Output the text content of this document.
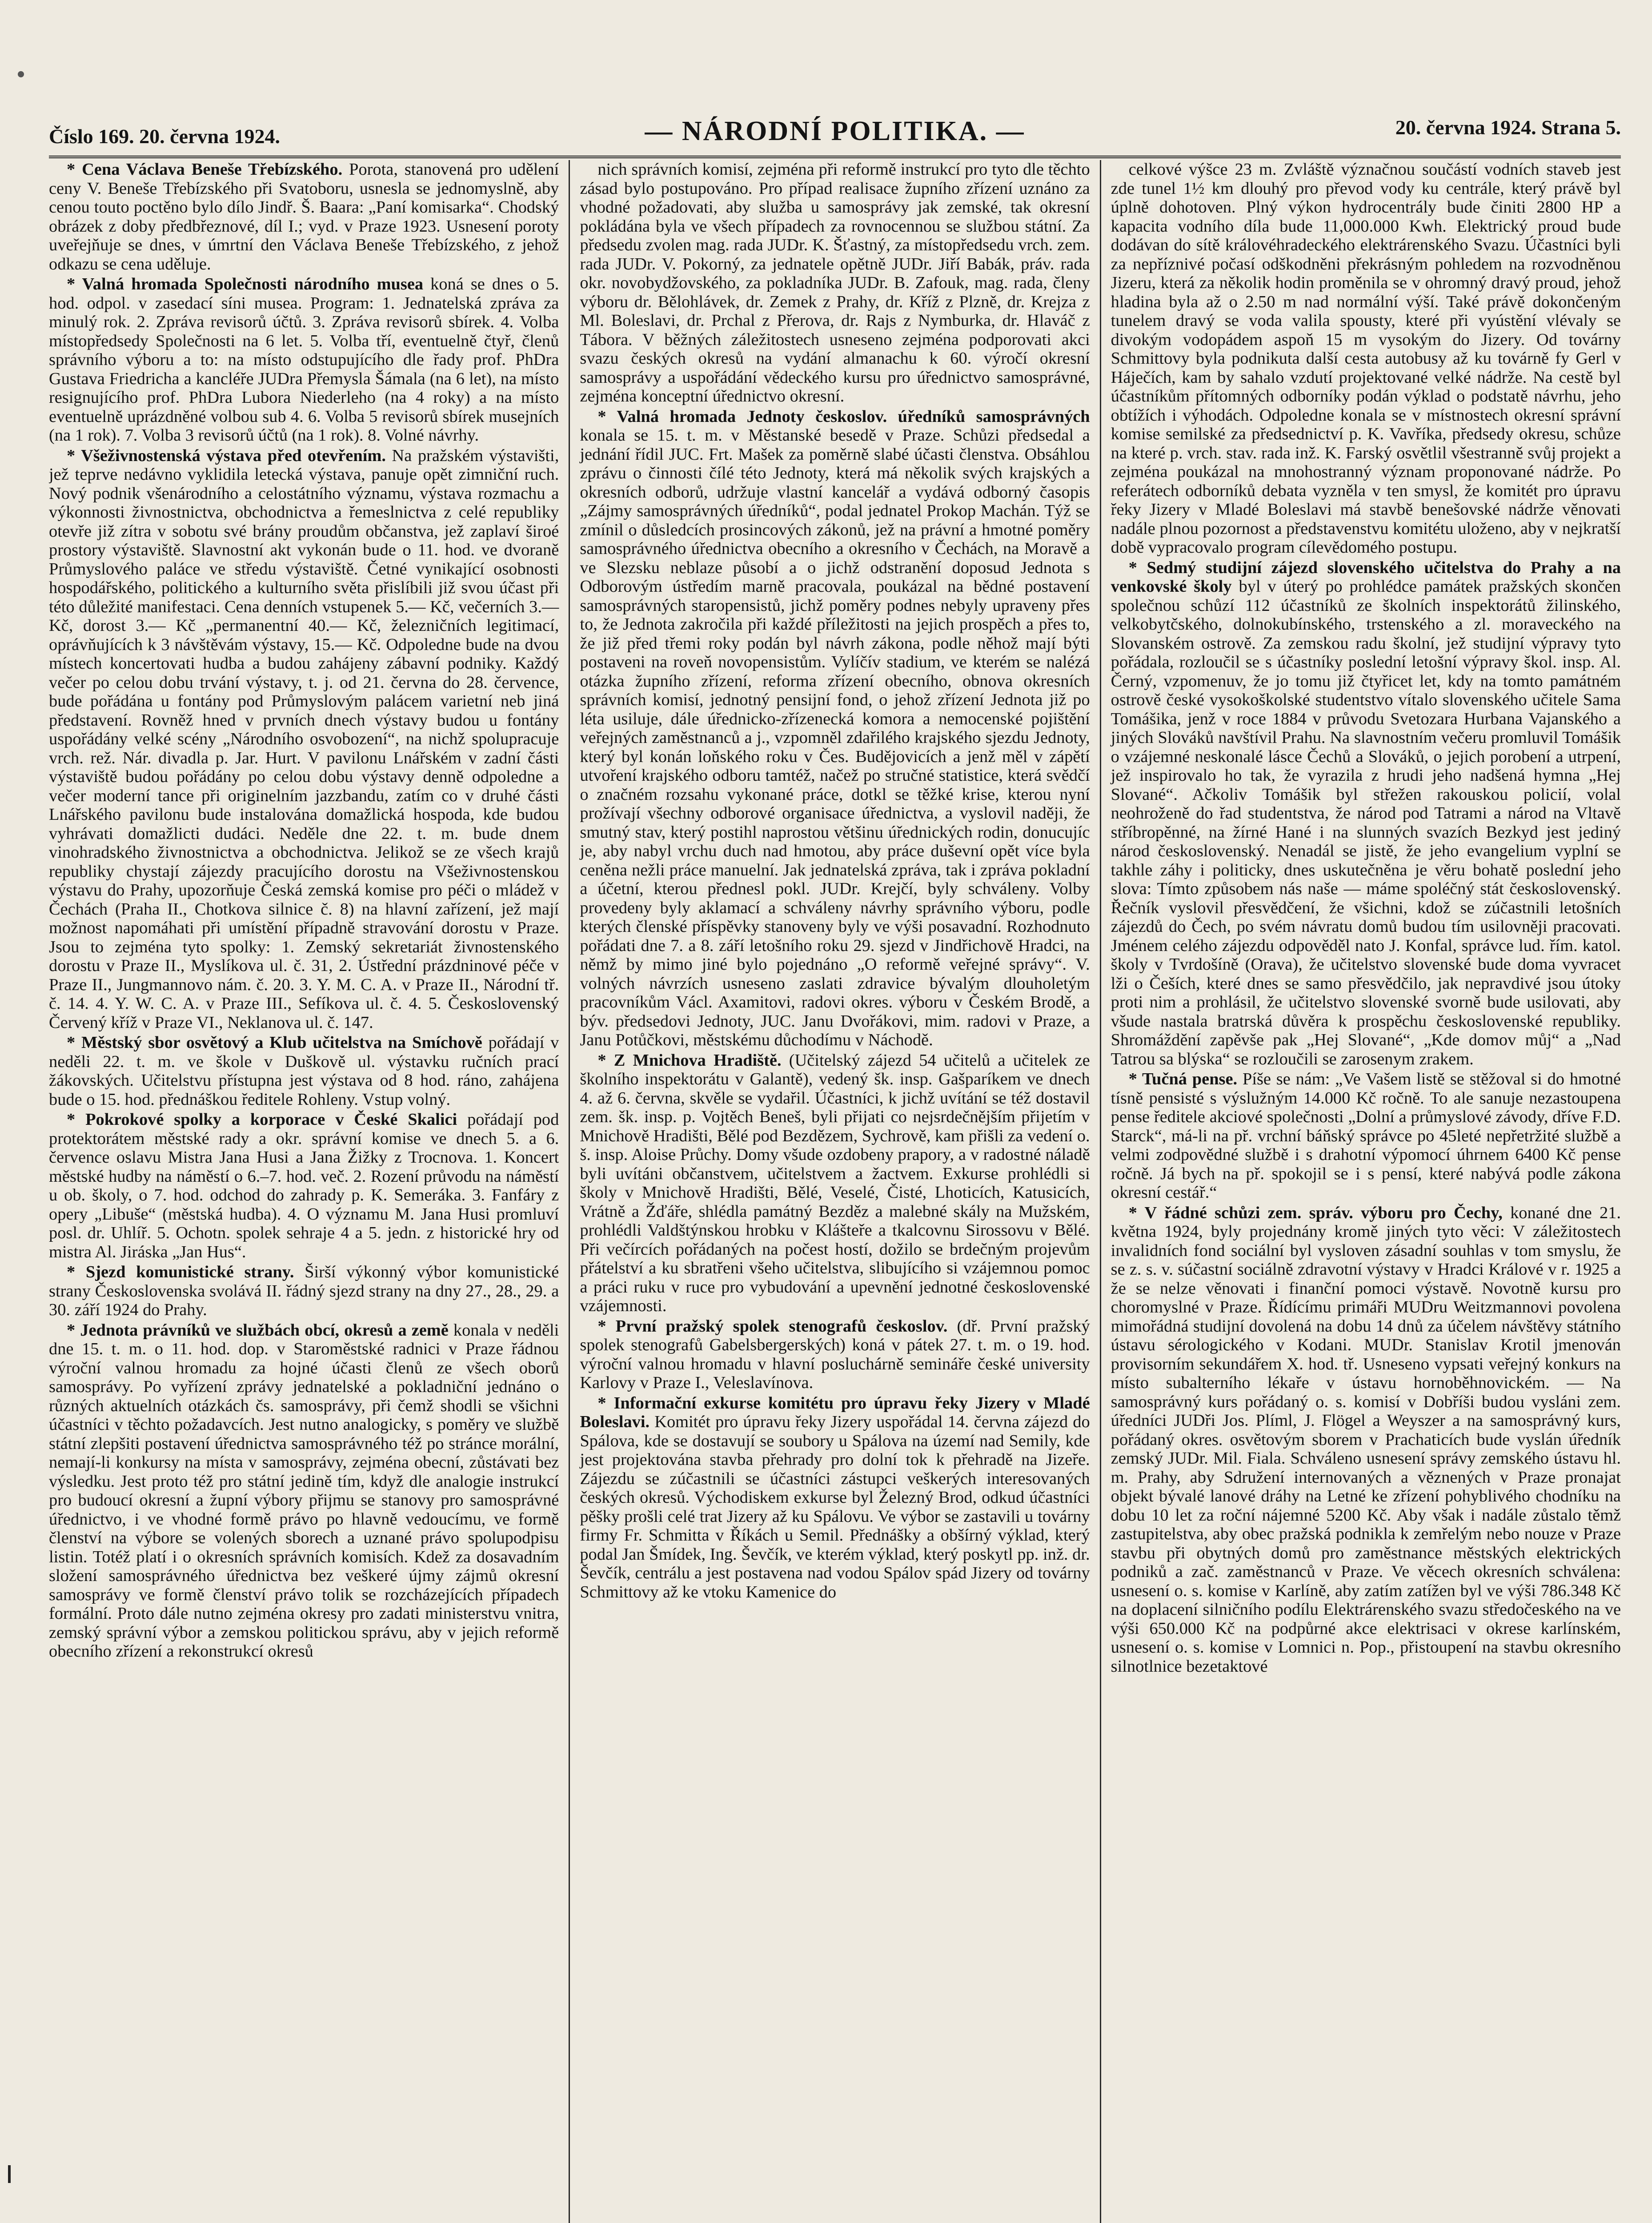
Číslo 169. 20. června 1924.	— NÁRODNÍ POLITIKA. —	20. června 1924. Strana 5.

* Cena Václava Beneše Třebízského. Porota, stanovená pro udělení ceny V. Beneše Třebízského při Svatoboru, usnesla se jednomyslně, aby cenou touto poctěno bylo dílo Jindř. Š. Baara: „Paní komisarka“. Chodský obrázek z doby předbřeznové, díl I.; vyd. v Praze 1923. Usnesení poroty uveřejňuje se dnes, v úmrtní den Václava Beneše Třebízského, z jehož odkazu se cena uděluje.

* Valná hromada Společnosti národního musea koná se dnes o 5. hod. odpol. v zasedací síni musea. Program: 1. Jednatelská zpráva za minulý rok. 2. Zpráva revisorů účtů. 3. Zpráva revisorů sbírek. 4. Volba místopředsedy Společnosti na 6 let. 5. Volba tří, eventuelně čtyř, členů správního výboru a to: na místo odstupujícího dle řady prof. PhDra Gustava Friedricha a kancléře JUDra Přemysla Šámala (na 6 let), na místo resignujícího prof. PhDra Lubora Niederleho (na 4 roky) a na místo eventuelně uprázdněné volbou sub 4. 6. Volba 5 revisorů sbírek musejních (na 1 rok). 7. Volba 3 revisorů účtů (na 1 rok). 8. Volné návrhy.

* Všeživnostenská výstava před otevřením. Na pražském výstavišti, jež teprve nedávno vyklidila letecká výstava, panuje opět zimniční ruch. Nový podnik všenárodního a celostátního významu, výstava rozmachu a výkonnosti živnostnictva, obchodnictva a řemeslnictva z celé republiky otevře již zítra v sobotu své brány proudům občanstva, jež zaplaví široé prostory výstaviště. Slavnostní akt vykonán bude o 11. hod. ve dvoraně Průmyslového paláce ve středu výstaviště. Četné vynikající osobnosti hospodářského, politického a kulturního světa přislíbili již svou účast při této důležité manifestaci. Cena denních vstupenek 5.— Kč, večerních 3.— Kč, dorost 3.— Kč „permanentní 40.— Kč, železničních legitimací, oprávňujících k 3 návštěvám výstavy, 15.— Kč. Odpoledne bude na dvou místech koncertovati hudba a budou zahájeny zábavní podniky. Každý večer po celou dobu trvání výstavy, t. j. od 21. června do 28. července, bude pořádána u fontány pod Průmyslovým palácem varietní neb jiná představení. Rovněž hned v prvních dnech výstavy budou u fontány uspořádány velké scény „Národního osvobození“, na nichž spoluprаcuje vrch. rež. Nár. divadla p. Jar. Hurt. V pavilonu Lnářském v zadní části výstaviště budou pořádány po celou dobu výstavy denně odpoledne a večer moderní tance při originelním jazzbandu, zatím co v druhé části Lnářského pavilonu bude instalována domažlická hospoda, kde budou vyhrávati domažlicti dudáci. Neděle dne 22. t. m. bude dnem vinohradského živnostnictva a obchodnictva. Jelikož se ze všech krajů republiky chystají zájezdy pracujícího dorostu na Všeživnostenskou výstavu do Prahy, upozorňuje Česká zemská komise pro péči o mládež v Čechách (Praha II., Chotkova silnice č. 8) na hlavní zařízení, jež mají možnost napomáhati při umístění případně stravování dorostu v Praze. Jsou to zejména tyto spolky: 1. Zemský sekretariát živnostenského dorostu v Praze II., Myslíkova ul. č. 31, 2. Ústřední prázdninové péče v Praze II., Jungmannovo nám. č. 20. 3. Y. M. C. A. v Praze II., Národní tř. č. 14. 4. Y. W. C. A. v Praze III., Sefíkova ul. č. 4. 5. Československý Červený kříž v Praze VI., Neklanova ul. č. 147.

* Městský sbor osvětový a Klub učitelstva na Smíchově pořádají v neděli 22. t. m. ve škole v Duškově ul. výstavku ručních prací žákovských. Učitelstvu přístupna jest výstava od 8 hod. ráno, zahájena bude o 15. hod. přednáškou ředitele Rohleny. Vstup volný.

* Pokrokové spolky a korporace v České Skalici pořádají pod protektorátem městské rady a okr. správní komise ve dnech 5. a 6. července oslavu Mistra Jana Husi a Jana Žižky z Trocnova. 1. Koncert městské hudby na náměstí o 6.–7. hod. več. 2. Rození průvodu na náměstí u ob. školy, o 7. hod. odchod do zahrady p. K. Semeráka. 3. Fanfáry z opery „Libuše“ (městská hudba). 4. O významu M. Jana Husi promluví posl. dr. Uhlíř. 5. Ochotn. spolek sehraje 4 a 5. jedn. z historické hry od mistra Al. Jiráska „Jan Hus“.

* Sjezd komunistické strany. Širší výkonný výbor komunistické strany Československa svolává II. řádný sjezd strany na dny 27., 28., 29. a 30. září 1924 do Prahy.

* Jednota právníků ve službách obcí, okresů a země konala v neděli dne 15. t. m. o 11. hod. dop. v Staroměstské radnici v Praze řádnou výroční valnou hromadu za hojné účasti členů ze všech oborů samosprávy. Po vyřízení zprávy jednatelské a pokladniční jednáno o různých aktuelních otázkách čs. samosprávy, při čemž shodli se všichni účastníci v těchto požadavcích. Jest nutno analogicky, s poměry ve službě státní zlepšiti postavení úřednictva samosprávného též po stránce morální, nemají-li konkursy na místa v samosprávy, zejména obecní, zůstávati bez výsledku. Jest proto též pro státní jedině tím, když dle analogie instrukcí pro budoucí okresní a župní výbory přijmu se stanovy pro samosprávné úřednictvo, i ve vhodné formě právo po hlavně vedoucímu, ve formě členství na výbore se volených sborech a uznané právo spolupodpisu listin. Totéž platí i o okresních správních komisích. Kdež za dosavadním složení samosprávného úřednictva bez veškeré újmy zájmů okresní samosprávy ve formě členství právo tolik se rozcházejících případech formální. Proto dále nutno zejména okresy pro zadati ministerstvu vnitra, zemský správní výbor a zemskou politickou správu, aby v jejich reformě obecního zřízení a rekonstrukcí okresů

nich správních komisí, zejména při reformě instrukcí pro tyto dle těchto zásad bylo postupováno. Pro případ realisace župního zřízení uznáno za vhodné požadovati, aby služba u samosprávy jak zemské, tak okresní pokládána byla ve všech případech za rovnocennou se službou státní. Za předsedu zvolen mag. rada JUDr. K. Šťastný, za místopředsedu vrch. zem. rada JUDr. V. Pokorný, za jednatele opětně JUDr. Jiří Babák, práv. rada okr. novobydžovského, za pokladníka JUDr. B. Zafouk, mag. rada, členy výboru dr. Bělohlávek, dr. Zemek z Prahy, dr. Kříž z Plzně, dr. Krejza z Ml. Boleslavi, dr. Prchal z Přerova, dr. Rajs z Nymburka, dr. Hlaváč z Tábora. V běžných záležitostech usneseno zejména podporovati akci svazu českých okresů na vydání almanachu k 60. výročí okresní samosprávy a uspořádání vědeckého kursu pro úřednictvo samosprávné, zejména konceptní úřednictvo okresní.

* Valná hromada Jednoty českoslov. úředníků samosprávných konala se 15. t. m. v Městanské besedě v Praze. Schůzi předsedal a jednání řídil JUC. Frt. Mašek za poměrně slabé účasti členstva. Obsáhlou zprávu o činnosti čílé této Jednoty, která má několik svých krajských a okresních odborů, udržuje vlastní kancelář a vydává odborný časopis „Zájmy samosprávných úředníků“, podal jednatel Prokop Machán. Týž se zmínil o důsledcích prosincových zákonů, jež na právní a hmotné poměry samosprávného úřednictva obecního a okresního v Čechách, na Moravě a ve Slezsku neblaze působí a o jichž odstranění doposud Jednota s Odborovým ústředím marně pracovala, poukázal na bědné postavení samosprávných staropensistů, jichž poměry podnes nebyly upraveny přes to, že Jednota zakročila při každé příležitosti na jejich prospěch a přes to, že již před třemi roky podán byl návrh zákona, podle něhož mají býti postaveni na roveň novopensistům. Vylíčív stadium, ve kterém se nalézá otázka župního zřízení, reforma zřízení obecního, obnova okresních správních komisí, jednotný pensijní fond, o jehož zřízení Jednota již po léta usiluje, dále úřednicko-zřízenecká komora a nemocenské pojištění veřejných zaměstnanců a j., vzpomněl zdařilého krajského sjezdu Jednoty, který byl konán loňského roku v Čes. Budějovicích a jenž měl v zápětí utvoření krajského odboru tamtéž, načež po stručné statistice, která svědčí o značném rozsahu vykonané práce, dotkl se těžké krise, kterou nyní prožívají všechny odborové organisace úřednictva, a vyslovil naději, že smutný stav, který postihl naprostou většinu úřednických rodin, donucujíc je, aby nabyl vrchu duch nad hmotou, aby práce duševní opět více byla ceněna nežli práce manuelní. Jak jednatelská zpráva, tak i zpráva pokladní a účetní, kterou přednesl pokl. JUDr. Krejčí, byly schváleny. Volby provedeny byly aklamací a schváleny návrhy správního výboru, podle kterých členské příspěvky stanoveny byly ve výši posavadní. Rozhodnuto pořádati dne 7. a 8. září letošního roku 29. sjezd v Jindřichově Hradci, na němž by mimo jiné bylo pojednáno „O reformě veřejné správy“. V. volných návrzích usneseno zaslati zdravice bývalým dlouholetým pracovníkům Václ. Axamitovi, radovi okres. výboru v Českém Brodě, a býv. předsedovi Jednoty, JUC. Janu Dvořákovi, mim. radovi v Praze, a Janu Potůčkovi, městskému důchodímu v Náchodě.

* Z Mnichova Hradiště. (Učitelský zájezd 54 učitelů a učitelek ze školního inspektorátu v Galantě), vedený šk. insp. Gašparíkem ve dnech 4. až 6. června, skvěle se vydařil. Účastníci, k jichž uvítání se též dostavil zem. šk. insp. p. Vojtěch Beneš, byli přijati co nejsrdečnějším přijetím v Mnichově Hradišti, Bělé pod Bezdězem, Sychrově, kam přišli za vedení o. š. insp. Aloise Průchy. Domy všude ozdobeny prapory, a v radostné náladě byli uvítáni občanstvem, učitelstvem a žactvem. Exkurse prohlédli si školy v Mnichově Hradišti, Bělé, Veselé, Čisté, Lhoticích, Katusicích, Vrátně a Žďáře, shlédla památný Bezděz a malebné skály na Mužském, prohlédli Valdštýnskou hrobku v Klášteře a tkalcovnu Sirossovu v Bělé. Při večírcích pořádaných na počest hostí, dožilo se brdečným projevům přátelství a ku sbratřeni všeho učitelstva, slibujícího si vzájemnou pomoc a práci ruku v ruce pro vybudování a upevnění jednotné československé vzájemnosti.

* První pražský spolek stenografů českoslov. (dř. První pražský spolek stenografů Gabelsbergerských) koná v pátek 27. t. m. o 19. hod. výroční valnou hromadu v hlavní posluchárně semináře české university Karlovy v Praze I., Veleslavínova.

* Informační exkurse komitétu pro úpravu řeky Jizery v Mladé Boleslavi. Komitét pro úpravu řeky Jizery uspořádal 14. června zájezd do Spálova, kde se dostavují se soubory u Spálova na území nad Semily, kde jest projektována stavba přehrady pro dolní tok k přehradě na Jizeře. Zájezdu se zúčastnili se účastníci zástupci veškerých interesovaných českých okresů. Východiskem exkurse byl Železný Brod, odkud účastníci pěšky prošli celé trat Jizery až ku Spálovu. Ve výbor se zastavili u továrny firmy Fr. Schmitta v Říkách u Semil. Přednášky a obšírný výklad, který podal Jan Šmídek, Ing. Ševčík, ve kterém výklad, který poskytl pp. inž. dr. Ševčík, centrálu a jest postavena nad vodou Spálov spád Jizery od továrny Schmittovy až ke vtoku Kamenice do

celkové výšce 23 m. Zvláště význačnou součástí vodních staveb jest zde tunel 1½ km dlouhý pro převod vody ku centrále, který právě byl úplně dohotoven. Plný výkon hydrocentrály bude činiti 2800 HP a kapacita vodního díla bude 11,000.000 Kwh. Elektrický proud bude dodávan do sítě královéhradeckého elektrárenského Svazu. Účastníci byli za nepříznivé počasí odškodněni překrásným pohledem na rozvodněnou Jizeru, která za několik hodin proměnila se v ohromný dravý proud, jehož hladina byla až o 2.50 m nad normální výší. Také právě dokončeným tunelem dravý se voda valila spousty, které při vyústění vlévaly se divokým vodopádem aspoň 15 m vysokým do Jizery. Od továrny Schmittovy byla podnikuta další cesta autobusy až ku továrně fy Gerl v Háječích, kam by sahalo vzdutí projektované velké nádrže. Na cestě byl účastníkům přítomných odborníky podán výklad o podstatě návrhu, jeho obtížích i výhodách. Odpoledne konala se v místnostech okresní správní komise semilské za předsednictví p. K. Vavříka, předsedy okresu, schůze na které p. vrch. stav. rada inž. K. Farský osvětlil všestranně svůj projekt a zejména poukázal na mnohostranný význam proponované nádrže. Po referátech odborníků debata vyzněla v ten smysl, že komitét pro úpravu řeky Jizery v Mladé Boleslavi má stavbě benešovské nádrže věnovati nadále plnou pozornost a představenstvu komitétu uloženo, aby v nejkratší době vypracovalo program cílevědomého postupu.

* Sedmý studijní zájezd slovenského učitelstva do Prahy a na venkovské školy byl v úterý po prohlédce památek pražských skončen společnou schůzí 112 účastníků ze školních inspektorátů žilinského, velkobytčského, dolnokubínského, trstenského a zl. moraveckého na Slovanském ostrově. Za zemskou radu školní, jež studijní výpravy tyto pořádala, rozloučil se s účastníky poslední letošní výpravy škol. insp. Al. Černý, vzpomenuv, že jo tomu již čtyřicet let, kdy na tomto památném ostrově české vysokoškolské studentstvo vítalo slovenského učitele Sama Tomášika, jenž v roce 1884 v průvodu Svetozara Hurbana Vajanského a jiných Slováků navštívil Prahu. Na slavnostním večeru promluvil Tomášik o vzájemné neskonalé lásce Čechů a Slováků, o jejich porobení a utrpení, jež inspirovalo ho tak, že vyrazila z hrudi jeho nadšená hymna „Hej Slované“. Ačkoliv Tomášik byl střežen rakouskou policií, volal neohroženě do řad studentstva, že národ pod Tatrami a národ na Vltavě stříbropěnné, na žírné Hané i na slunných svazích Bezkyd jest jediný národ československý. Nenadál se jistě, že jeho evangelium vyplní se takhle záhy i politicky, dnes uskutečněna je věru bohatě poslední jeho slova: Tímto způsobem nás naše — máme spoléčný stát československý. Řečník vyslovil přesvědčení, že všichni, kdož se zúčastnili letošních zájezdů do Čech, po svém návratu domů budou tím usilovněji pracovati. Jménem celého zájezdu odpověděl nato J. Konfal, správce lud. řím. katol. školy v Tvrdošíně (Orava), že učitelstvo slovenské bude doma vyvracet lži o Češích, které dnes se samo přesvědčilo, jak nepravdivé jsou útoky proti nim a prohlásil, že učitelstvo slovenské svorně bude usilovati, aby všude nastala bratrská důvěra k prospěchu československé republiky. Shromáždění zapěvše pak „Hej Slované“, „Kde domov můj“ a „Nad Tatrou sa blýska“ se rozloučili se zarosenym zrakem.

* Tučná pense. Píše se nám: „Ve Vašem listě se stěžoval si do hmotné tísně pensisté s výslužným 14.000 Kč ročně. To ale sanuje nezastoupena pense ředitele akciové společnosti „Dolní a průmyslové závody, dříve F.D. Starck“, má-li na př. vrchní báňský správce po 45leté nepřetržité službě a velmi zodpovědné službě i s drahotní výpomocí úhrnem 6400 Kč pense ročně. Já bych na př. spokojil se i s pensí, které nabývá podle zákona okresní cestář.“

* V řádné schůzi zem. správ. výboru pro Čechy, konané dne 21. května 1924, byly projednány kromě jiných tyto věci: V záležitostech invalidních fond sociální byl vysloven zásadní souhlas v tom smyslu, že se z. s. v. súčastní sociálně zdravotní výstavy v Hradci Králové v r. 1925 a že se nelze věnovati i finanční pomoci výstavě. Novotně kursu pro choromyslné v Praze. Řídícímu primáři MUDru Weitzmannovi povolena mimořádná studijní dovolená na dobu 14 dnů za účelem návštěvy státního ústavu sérologického v Kodani. MUDr. Stanislav Krotil jmenován provisorním sekundářem X. hod. tř. Usneseno vypsati veřejný konkurs na místo subalterního lékaře v ústavu hornoběhnovickém. — Na samosprávný kurs pořádaný o. s. komisí v Dobříši budou vysláni zem. úředníci JUDři Jos. Plíml, J. Flögel a Weyszer a na samosprávný kurs, pořádaný okres. osvětovým sborem v Prachaticích bude vyslán úředník zemský JUDr. Mil. Fiala. Schváleno usnesení správy zemského ústavu hl. m. Prahy, aby Sdružení internovaných a věznených v Praze pronajat objekt bývalé lanové dráhy na Letné ke zřízení pohyblivého chodníku na dobu 10 let za roční nájemné 5200 Kč. Aby však i nadále zůstalo těmž zastupitelstva, aby obec pražská podnikla k zemřelým nebo nouze v Praze stavbu při obytných domů pro zaměstnance městských elektrických podniků a zač. zaměstnanců v Praze. Ve věcech okresních schválena: usnesení o. s. komise v Karlíně, aby zatím zatížen byl ve výši 786.348 Kč na doplacení silničního podílu Elektrárenského svazu středočeského na ve výši 650.000 Kč na podpůrné akce elektrisaci v okrese karlínském, usnesení o. s. komise v Lomnici n. Pop., přistoupení na stavbu okresního silnotlnice bezetaktové
